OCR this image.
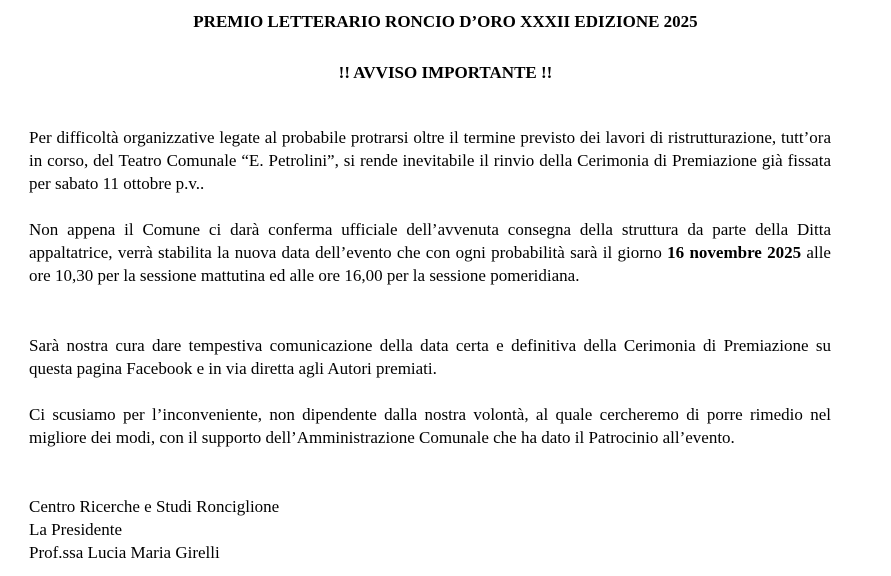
PREMIO LETTERARIO RONCIO D’ORO XXXII EDIZIONE 2025
!! AVVISO IMPORTANTE !!

Per difficoltà organizzative legate al probabile protrarsi oltre il termine previsto dei lavori di ristrutturazione, tutt’ora in corso, del Teatro Comunale “E. Petrolini”, si rende inevitabile il rinvio della Cerimonia di Premiazione già fissata per sabato 11 ottobre p.v..

Non appena il Comune ci darà conferma ufficiale dell’avvenuta consegna della struttura da parte della Ditta appaltatrice, verrà stabilita la nuova data dell’evento che con ogni probabilità sarà il giorno 16 novembre 2025 alle ore 10,30 per la sessione mattutina ed alle ore 16,00 per la sessione pomeridiana.

Sarà nostra cura dare tempestiva comunicazione della data certa e definitiva della Cerimonia di Premiazione su questa pagina Facebook e in via diretta agli Autori premiati.

Ci scusiamo per l’inconveniente, non dipendente dalla nostra volontà, al quale cercheremo di porre rimedio nel migliore dei modi, con il supporto dell’Amministrazione Comunale che ha dato il Patrocinio all’evento.

Centro Ricerche e Studi Ronciglione
La Presidente
Prof.ssa Lucia Maria Girelli
